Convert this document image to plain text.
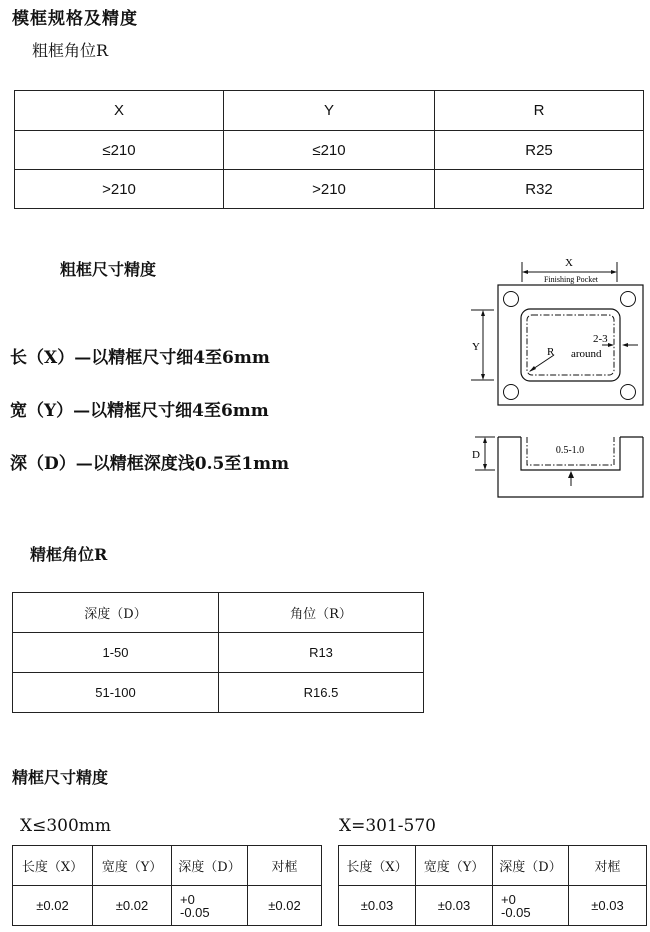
模框规格及精度
粗框角位R
X	Y	R
≤210	≤210	R25
>210	>210	R32
粗框尺寸精度
长（X）—以精框尺寸细4至6mm
宽（Y）—以精框尺寸细4至6mm
深（D）—以精框深度浅0.5至1mm
X
Finishing Pocket
Y	R
2-3
around
0.5-1.0
D
精框角位R
深度（D）	角位（R）
1-50	R13
51-100	R16.5
精框尺寸精度
X≤300mm
长度（X）	宽度（Y）	深度（D）	对框
±0.02	±0.02	+0
-0.05	±0.02
X=301-570
长度（X）	宽度（Y）	深度（D）	对框
±0.03	±0.03	+0
-0.05	±0.03
